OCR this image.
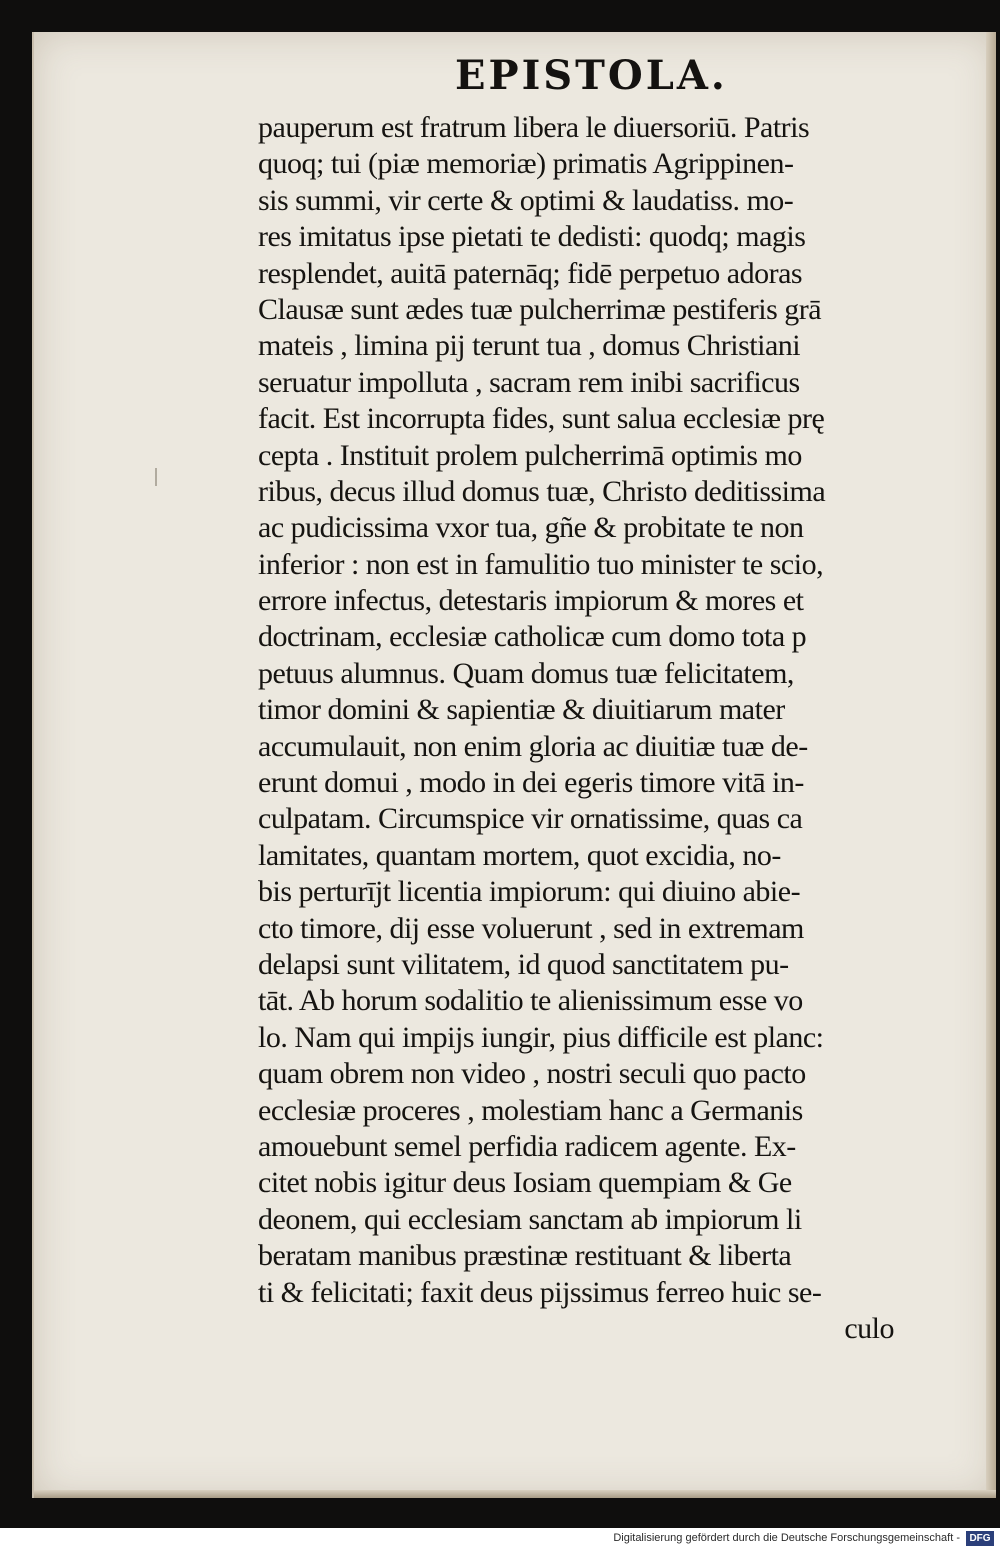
EPISTOLA.
pauperum est fratrum libera le diuersoriū. Patris
quoq; tui (piæ memoriæ) primatis Agrippinen-
sis summi, vir certe & optimi & laudatiss. mo-
res imitatus ipse pietati te dedisti: quodq; magis
resplendet, auitā paternāq; fidē perpetuo adoras
Clausæ sunt ædes tuæ pulcherrimæ pestiferis grā
mateis , limina pij terunt tua , domus Christiani
seruatur impolluta , sacram rem inibi sacrificus
facit. Est incorrupta fides, sunt salua ecclesiæ prę
cepta . Instituit prolem pulcherrimā optimis mo
ribus, decus illud domus tuæ, Christo deditissima
ac pudicissima vxor tua, gñe & probitate te non
inferior : non est in famulitio tuo minister te scio,
errore infectus, detestaris impiorum & mores et
doctrinam, ecclesiæ catholicæ cum domo tota p
petuus alumnus. Quam domus tuæ felicitatem,
timor domini & sapientiæ & diuitiarum mater
accumulauit, non enim gloria ac diuitiæ tuæ de-
erunt domui , modo in dei egeris timore vitā in-
culpatam. Circumspice vir ornatissime, quas ca
lamitates, quantam mortem, quot excidia, no-
bis perturījt licentia impiorum: qui diuino abie-
cto timore, dij esse voluerunt , sed in extremam
delapsi sunt vilitatem, id quod sanctitatem pu-
tāt. Ab horum sodalitio te alienissimum esse vo
lo. Nam qui impijs iungir, pius difficile est planc:
quam obrem non video , nostri seculi quo pacto
ecclesiæ proceres , molestiam hanc a Germanis
amouebunt semel perfidia radicem agente. Ex-
citet nobis igitur deus Iosiam quempiam & Ge
deonem, qui ecclesiam sanctam ab impiorum li
beratam manibus præstinæ restituant & liberta
ti & felicitati; faxit deus pijssimus ferreo huic se-
culo
Digitalisierung gefördert durch die Deutsche Forschungsgemeinschaft - DFG
